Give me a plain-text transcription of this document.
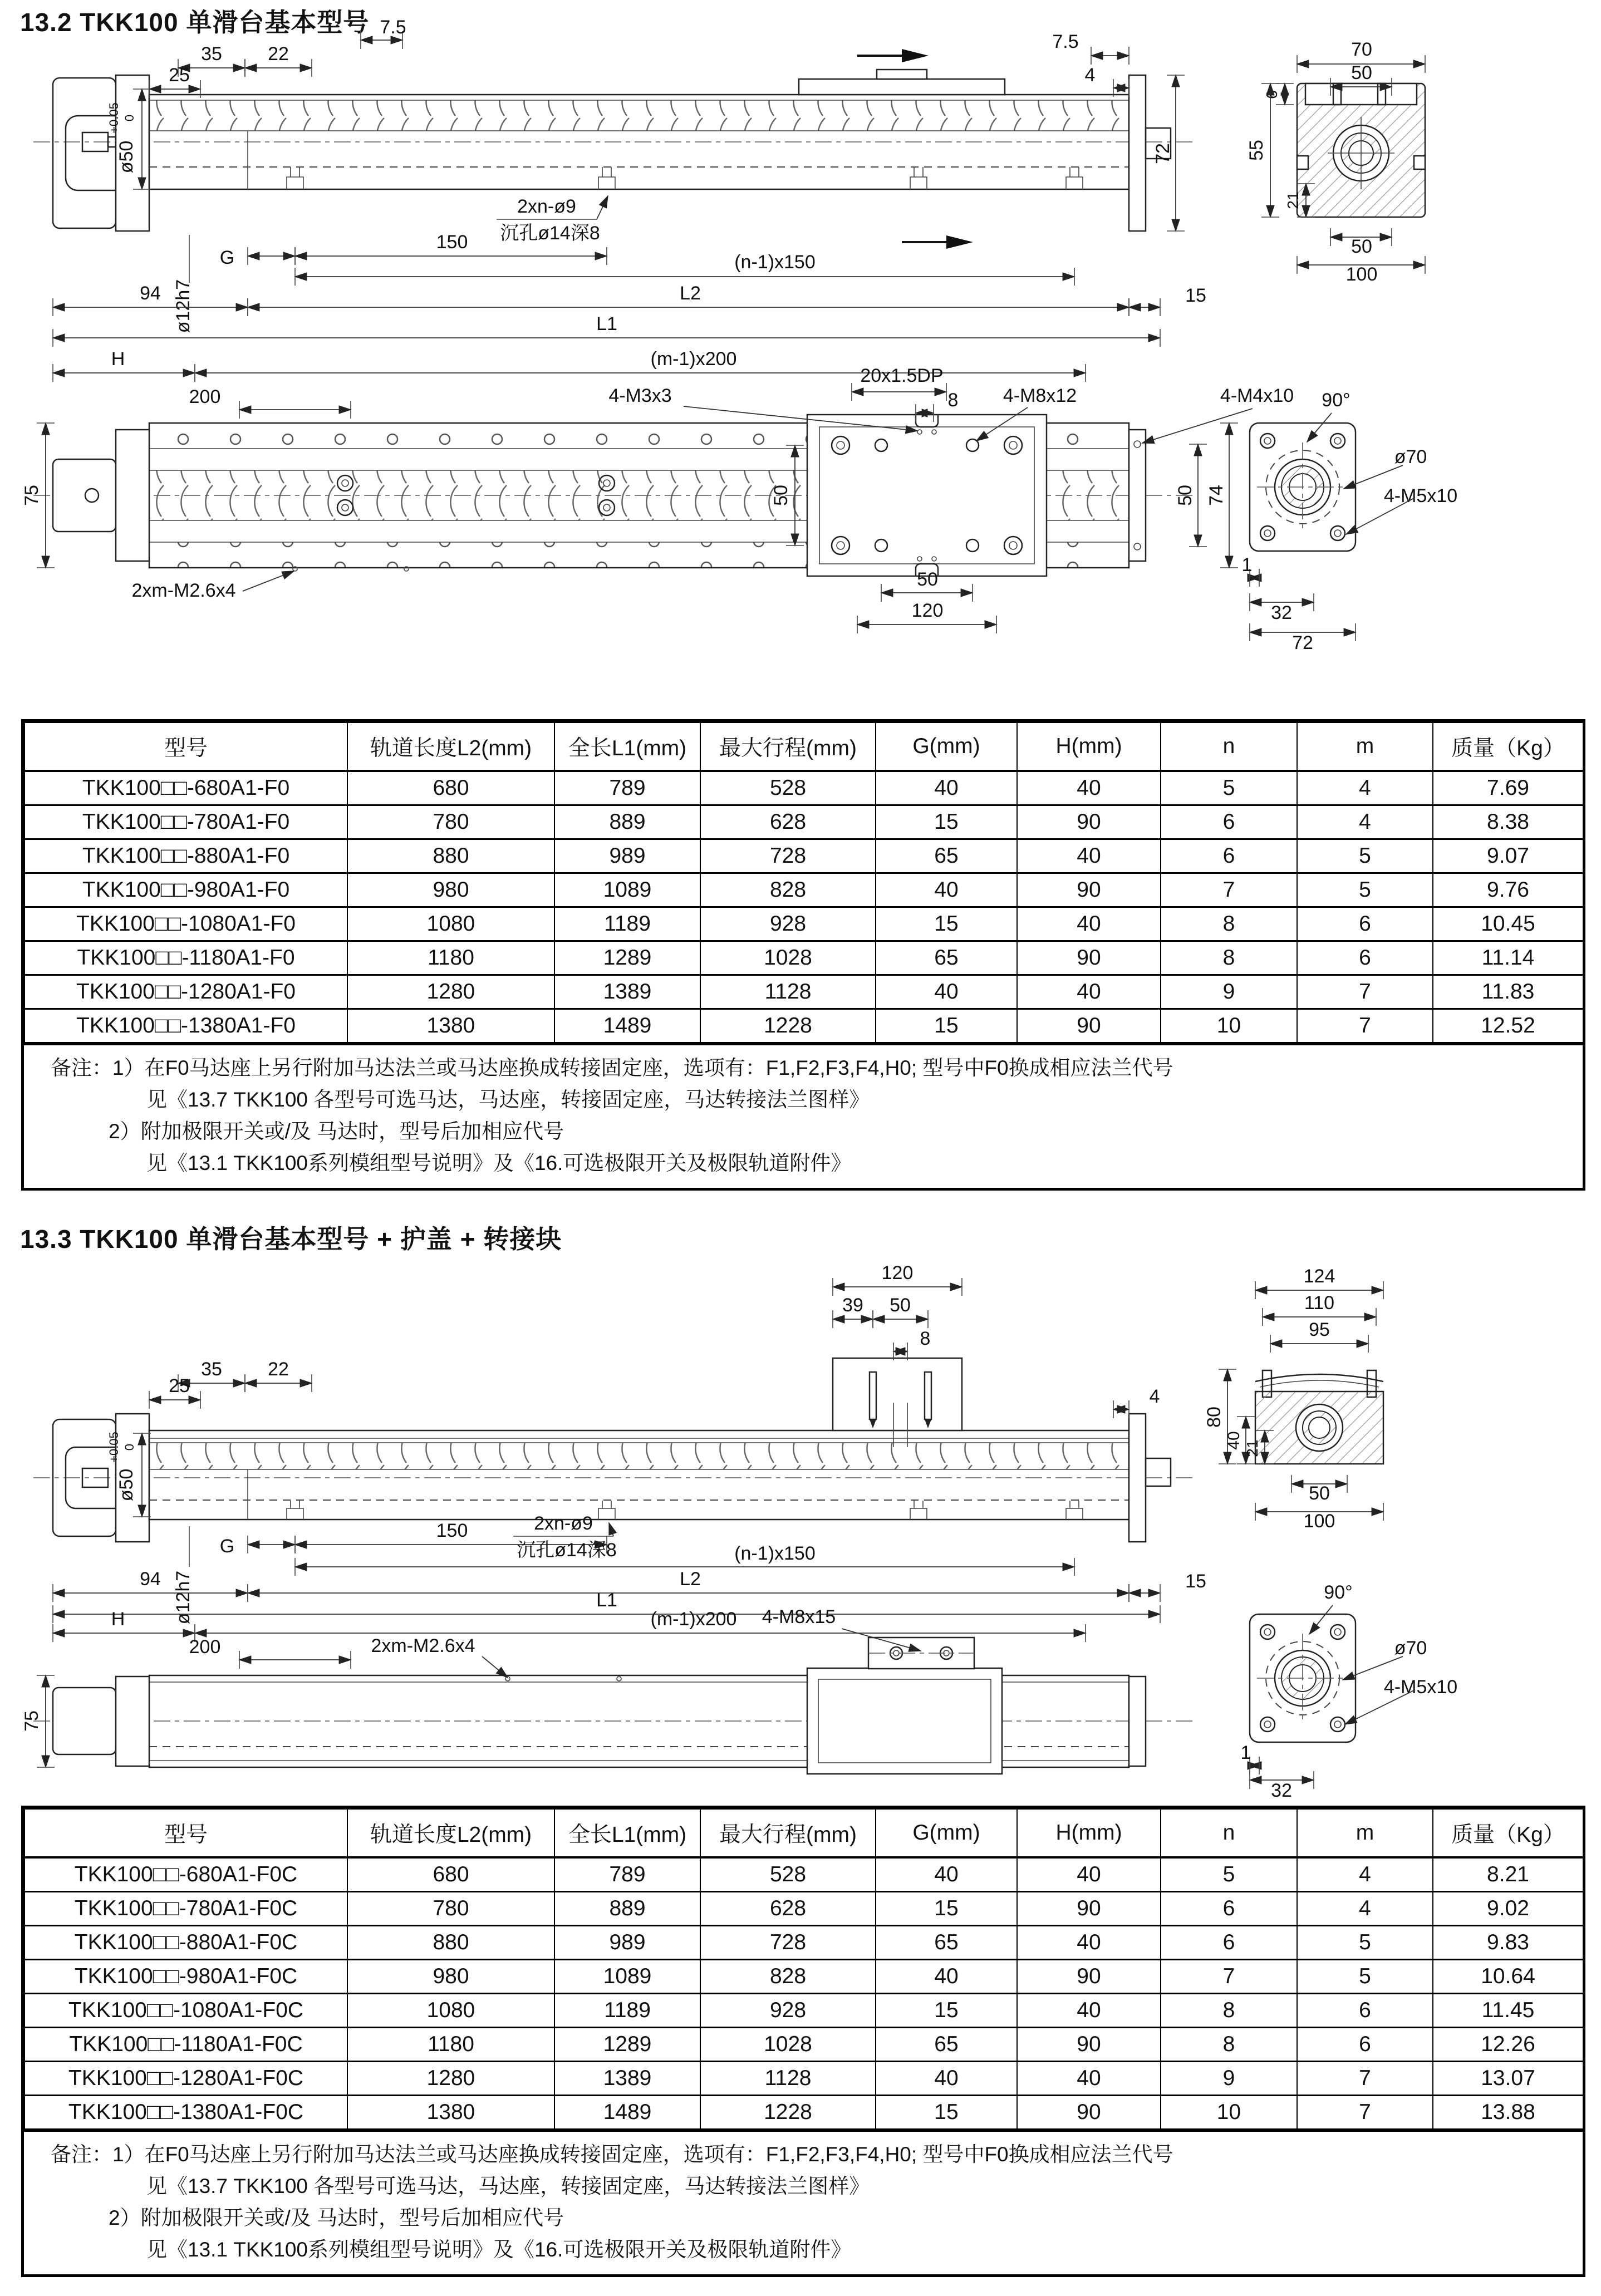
13.2 TKK100 单滑台基本型号 7.5
35 22
25
ø50
+0.05 0
ø12h7
G
150
2xn-ø9
沉孔ø14深8
(n-1)x150
94	L2	15
L1
7.5
4
72
70
50
6
55
21
50
100
H	(m-1)x200
200
20x1.5DP
4-M3x3	8 4-M8x12	4-M4x10
50	50 74
75
50
120
2xm-M2.6x4
90°
ø70
4-M5x10
1
32
72
型号	轨道长度L2(mm)	全长L1(mm)	最大行程(mm)	G(mm)	H(mm)	n	m	质量（Kg）
TKK100□□-680A1-F0	680	789	528	40	40	5	4	7.69
TKK100□□-780A1-F0	780	889	628	15	90	6	4	8.38
TKK100□□-880A1-F0	880	989	728	65	40	6	5	9.07
TKK100□□-980A1-F0	980	1089	828	40	90	7	5	9.76
TKK100□□-1080A1-F0	1080	1189	928	15	40	8	6	10.45
TKK100□□-1180A1-F0	1180	1289	1028	65	90	8	6	11.14
TKK100□□-1280A1-F0	1280	1389	1128	40	40	9	7	11.83
TKK100□□-1380A1-F0	1380	1489	1228	15	90	10	7	12.52
备注：1）在F0马达座上另行附加马达法兰或马达座换成转接固定座，选项有：F1,F2,F3,F4,H0; 型号中F0换成相应法兰代号
见《13.7 TKK100 各型号可选马达，马达座，转接固定座，马达转接法兰图样》
2）附加极限开关或/及 马达时，型号后加相应代号
见《13.1 TKK100系列模组型号说明》及《16.可选极限开关及极限轨道附件》
13.3 TKK100 单滑台基本型号 + 护盖 + 转接块
120
39 50
8
35 22
25	4
ø50
+0.05 0
ø12h7
G
150	2xn-ø9
沉孔ø14深8	(n-1)x150
94	L2	15
L1
H	(m-1)x200
200	2xm-M2.6x4
4-M8x15
124
110
95
80
40 21
50
100
75
90°
ø70
4-M5x10
1
32
型号	轨道长度L2(mm)	全长L1(mm)	最大行程(mm)	G(mm)	H(mm)	n	m	质量（Kg）
TKK100□□-680A1-F0C	680	789	528	40	40	5	4	8.21
TKK100□□-780A1-F0C	780	889	628	15	90	6	4	9.02
TKK100□□-880A1-F0C	880	989	728	65	40	6	5	9.83
TKK100□□-980A1-F0C	980	1089	828	40	90	7	5	10.64
TKK100□□-1080A1-F0C	1080	1189	928	15	40	8	6	11.45
TKK100□□-1180A1-F0C	1180	1289	1028	65	90	8	6	12.26
TKK100□□-1280A1-F0C	1280	1389	1128	40	40	9	7	13.07
TKK100□□-1380A1-F0C	1380	1489	1228	15	90	10	7	13.88
备注：1）在F0马达座上另行附加马达法兰或马达座换成转接固定座，选项有：F1,F2,F3,F4,H0; 型号中F0换成相应法兰代号
见《13.7 TKK100 各型号可选马达，马达座，转接固定座，马达转接法兰图样》
2）附加极限开关或/及 马达时，型号后加相应代号
见《13.1 TKK100系列模组型号说明》及《16.可选极限开关及极限轨道附件》
